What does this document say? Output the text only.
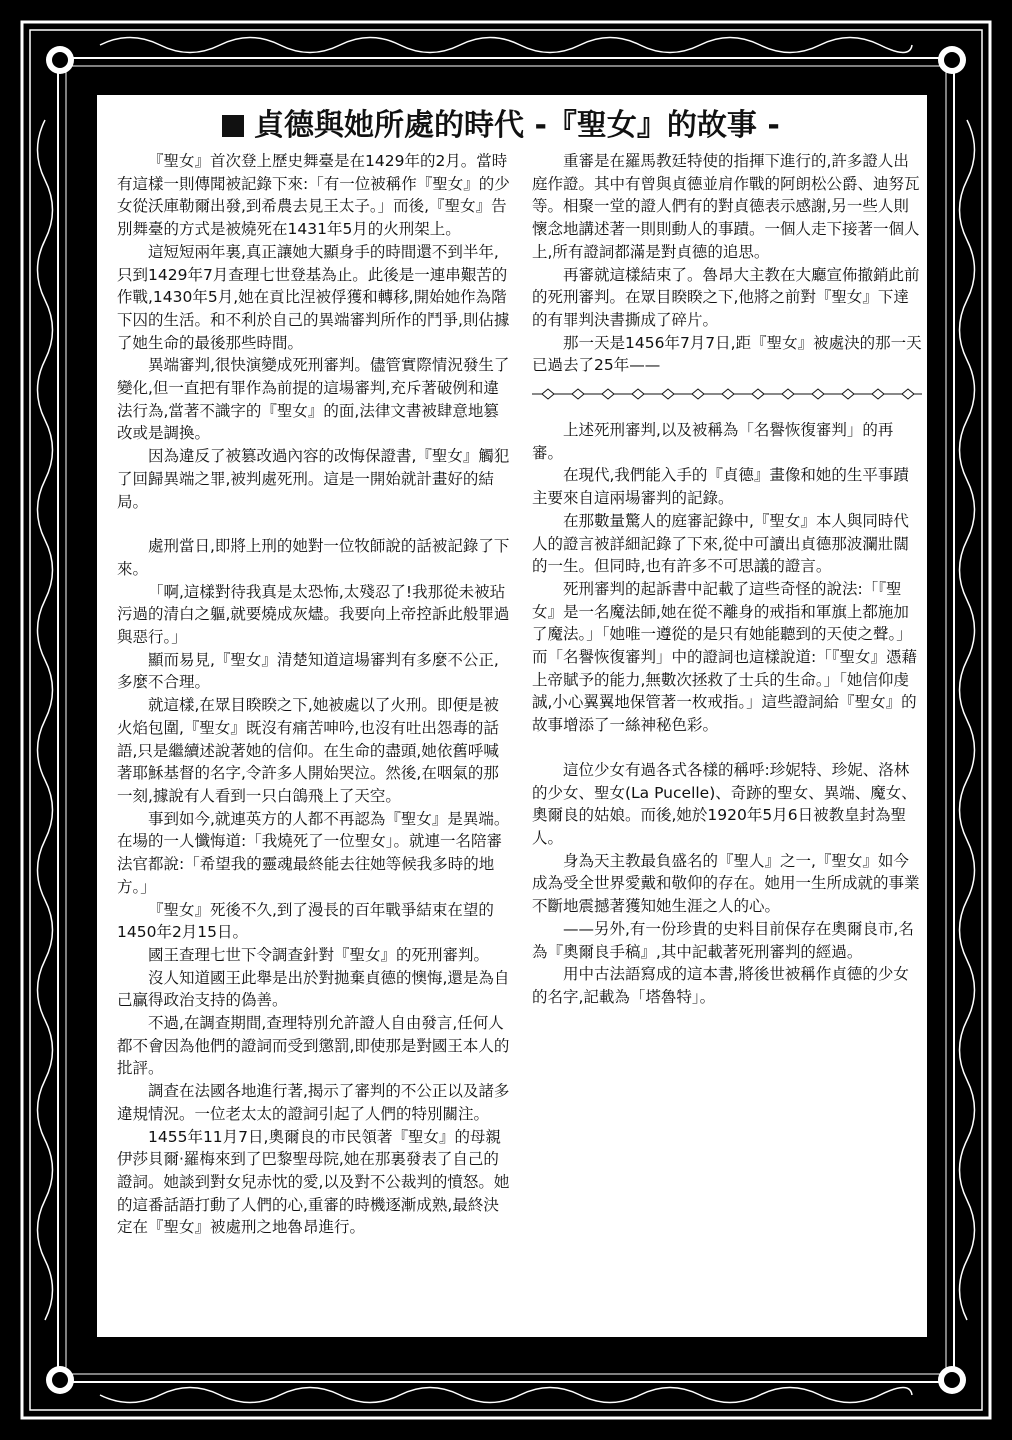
貞德與她所處的時代 -『聖女』的故事 -

『聖女』首次登上歷史舞臺是在1429年的2月。當時有這樣一則傳聞被記錄下來:「有一位被稱作『聖女』的少女從沃庫勒爾出發,到希農去見王太子。」而後,『聖女』告別舞臺的方式是被燒死在1431年5月的火刑架上。

這短短兩年裏,真正讓她大顯身手的時間還不到半年,只到1429年7月查理七世登基為止。此後是一連串艱苦的作戰,1430年5月,她在貢比涅被俘獲和轉移,開始她作為階下囚的生活。和不利於自己的異端審判所作的鬥爭,則佔據了她生命的最後那些時間。

異端審判,很快演變成死刑審判。儘管實際情況發生了變化,但一直把有罪作為前提的這場審判,充斥著破例和違法行為,當著不識字的『聖女』的面,法律文書被肆意地篡改或是調換。

因為違反了被篡改過內容的改悔保證書,『聖女』觸犯了回歸異端之罪,被判處死刑。這是一開始就計畫好的結局。

處刑當日,即將上刑的她對一位牧師說的話被記錄了下來。

「啊,這樣對待我真是太恐怖,太殘忍了!我那從未被玷污過的清白之軀,就要燒成灰燼。我要向上帝控訴此般罪過與惡行。」

顯而易見,『聖女』清楚知道這場審判有多麼不公正,多麼不合理。

就這樣,在眾目睽睽之下,她被處以了火刑。即便是被火焰包圍,『聖女』既沒有痛苦呻吟,也沒有吐出怨毒的話語,只是繼續述說著她的信仰。在生命的盡頭,她依舊呼喊著耶穌基督的名字,令許多人開始哭泣。然後,在咽氣的那一刻,據說有人看到一只白鴿飛上了天空。

事到如今,就連英方的人都不再認為『聖女』是異端。在場的一人懺悔道:「我燒死了一位聖女」。就連一名陪審法官都說:「希望我的靈魂最終能去往她等候我多時的地方。」

『聖女』死後不久,到了漫長的百年戰爭結束在望的1450年2月15日。

國王查理七世下令調查針對『聖女』的死刑審判。

沒人知道國王此舉是出於對拋棄貞德的懊悔,還是為自己贏得政治支持的偽善。

不過,在調查期間,查理特別允許證人自由發言,任何人都不會因為他們的證詞而受到懲罰,即使那是對國王本人的批評。

調查在法國各地進行著,揭示了審判的不公正以及諸多違規情況。一位老太太的證詞引起了人們的特別關注。

1455年11月7日,奧爾良的市民領著『聖女』的母親伊莎貝爾·羅梅來到了巴黎聖母院,她在那裏發表了自己的證詞。她談到對女兒赤忱的愛,以及對不公裁判的憤怒。她的這番話語打動了人們的心,重審的時機逐漸成熟,最終決定在『聖女』被處刑之地魯昂進行。

重審是在羅馬教廷特使的指揮下進行的,許多證人出庭作證。其中有曾與貞德並肩作戰的阿朗松公爵、迪努瓦等。相聚一堂的證人們有的對貞德表示感謝,另一些人則懷念地講述著一則則動人的事蹟。一個人走下接著一個人上,所有證詞都滿是對貞德的追思。

再審就這樣結束了。魯昂大主教在大廳宣佈撤銷此前的死刑審判。在眾目睽睽之下,他將之前對『聖女』下達的有罪判決書撕成了碎片。

那一天是1456年7月7日,距『聖女』被處決的那一天已過去了25年——

上述死刑審判,以及被稱為「名譽恢復審判」的再審。

在現代,我們能入手的『貞德』畫像和她的生平事蹟主要來自這兩場審判的記錄。

在那數量驚人的庭審記錄中,『聖女』本人與同時代人的證言被詳細記錄了下來,從中可讀出貞德那波瀾壯闊的一生。但同時,也有許多不可思議的證言。

死刑審判的起訴書中記載了這些奇怪的說法:「『聖女』是一名魔法師,她在從不離身的戒指和軍旗上都施加了魔法。」「她唯一遵從的是只有她能聽到的天使之聲。」而「名譽恢復審判」中的證詞也這樣說道:「『聖女』憑藉上帝賦予的能力,無數次拯救了士兵的生命。」「她信仰虔誠,小心翼翼地保管著一枚戒指。」這些證詞給『聖女』的故事增添了一絲神秘色彩。

這位少女有過各式各樣的稱呼:珍妮特、珍妮、洛林的少女、聖女(La Pucelle)、奇跡的聖女、異端、魔女、奧爾良的姑娘。而後,她於1920年5月6日被教皇封為聖人。

身為天主教最負盛名的『聖人』之一,『聖女』如今成為受全世界愛戴和敬仰的存在。她用一生所成就的事業不斷地震撼著獲知她生涯之人的心。

——另外,有一份珍貴的史料目前保存在奧爾良市,名為『奧爾良手稿』,其中記載著死刑審判的經過。

用中古法語寫成的這本書,將後世被稱作貞德的少女的名字,記載為「塔魯特」。
